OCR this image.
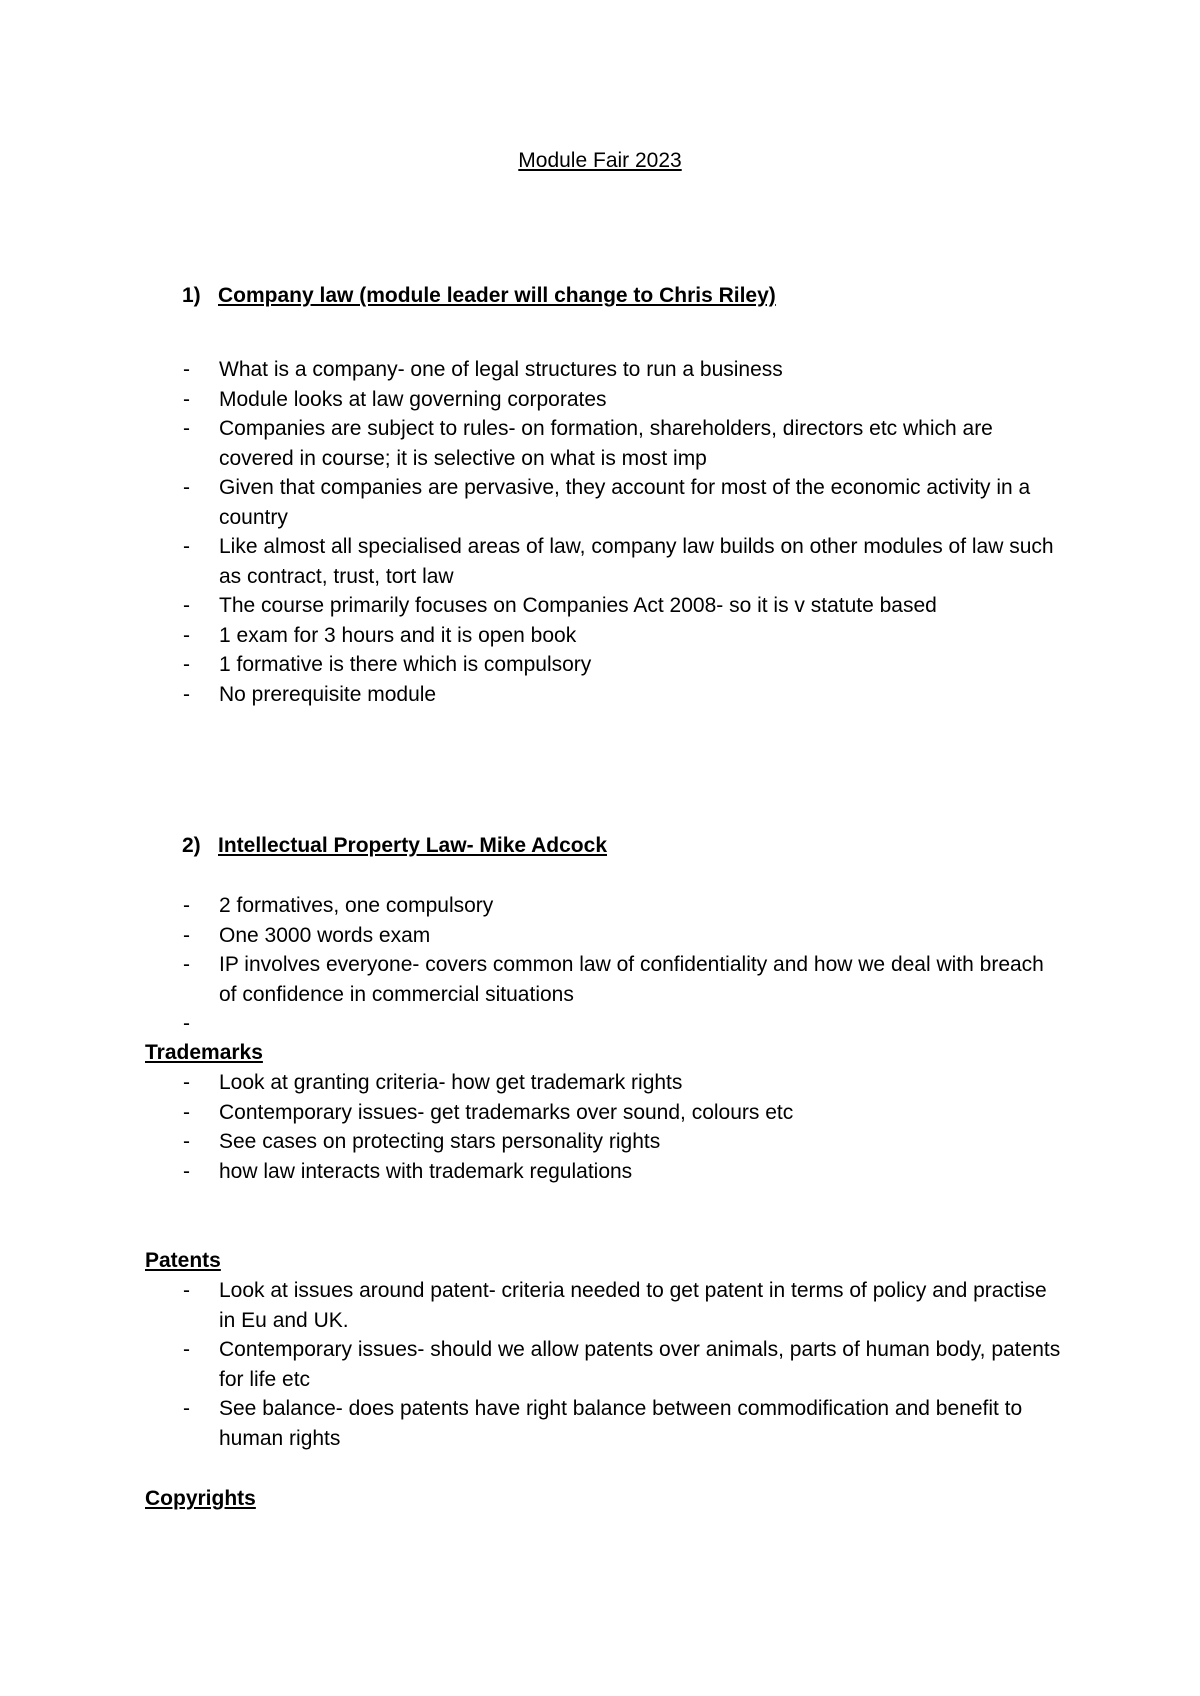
Module Fair 2023
1) Company law (module leader will change to Chris Riley)
- What is a company- one of legal structures to run a business
- Module looks at law governing corporates
- Companies are subject to rules- on formation, shareholders, directors etc which are covered in course; it is selective on what is most imp
- Given that companies are pervasive, they account for most of the economic activity in a country
- Like almost all specialised areas of law, company law builds on other modules of law such as contract, trust, tort law
- The course primarily focuses on Companies Act 2008- so it is v statute based
- 1 exam for 3 hours and it is open book
- 1 formative is there which is compulsory
- No prerequisite module
2) Intellectual Property Law- Mike Adcock
- 2 formatives, one compulsory
- One 3000 words exam
- IP involves everyone- covers common law of confidentiality and how we deal with breach of confidence in commercial situations
-

Trademarks
- Look at granting criteria- how get trademark rights
- Contemporary issues- get trademarks over sound, colours etc
- See cases on protecting stars personality rights
- how law interacts with trademark regulations
Patents
- Look at issues around patent- criteria needed to get patent in terms of policy and practise in Eu and UK.
- Contemporary issues- should we allow patents over animals, parts of human body, patents for life etc
- See balance- does patents have right balance between commodification and benefit to human rights
Copyrights
